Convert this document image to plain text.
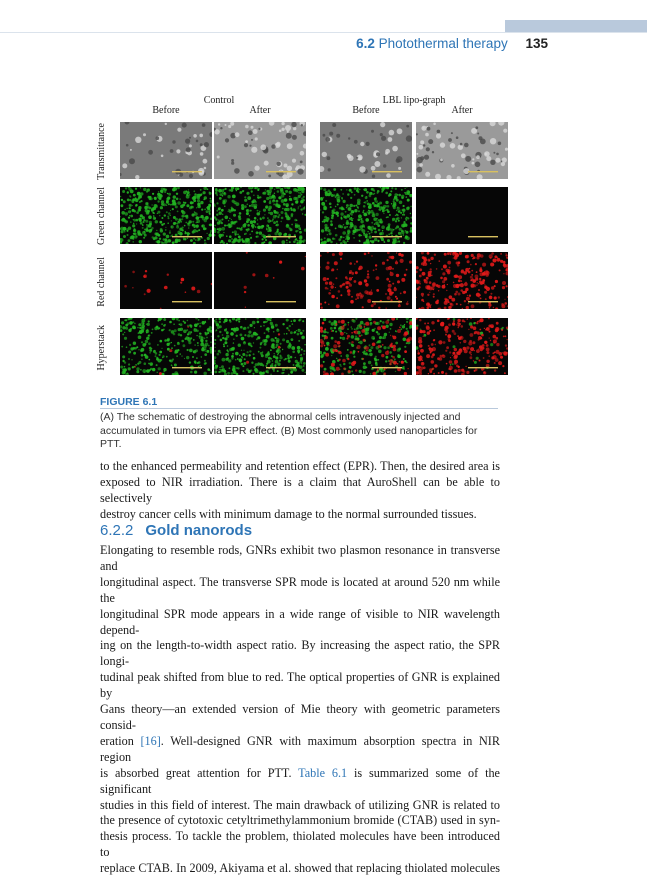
6.2 Photothermal therapy 135
Control	LBL lipo-graph
Before	After	Before	After
Transmittance
Green channel
Red channel
Hyperstack
FIGURE 6.1
(A) The schematic of destroying the abnormal cells intravenously injected and accumulated in tumors via EPR effect. (B) Most commonly used nanoparticles for PTT.
to the enhanced permeability and retention effect (EPR). Then, the desired area is
exposed to NIR irradiation. There is a claim that AuroShell can be able to selectively
destroy cancer cells with minimum damage to the normal surrounded tissues.
6.2.2 Gold nanorods
Elongating to resemble rods, GNRs exhibit two plasmon resonance in transverse and
longitudinal aspect. The transverse SPR mode is located at around 520 nm while the
longitudinal SPR mode appears in a wide range of visible to NIR wavelength depend-
ing on the length-to-width aspect ratio. By increasing the aspect ratio, the SPR longi-
tudinal peak shifted from blue to red. The optical properties of GNR is explained by
Gans theory—an extended version of Mie theory with geometric parameters consid-
eration [16]. Well-designed GNR with maximum absorption spectra in NIR region
is absorbed great attention for PTT. Table 6.1 is summarized some of the significant
studies in this field of interest. The main drawback of utilizing GNR is related to
the presence of cytotoxic cetyltrimethylammonium bromide (CTAB) used in syn-
thesis process. To tackle the problem, thiolated molecules have been introduced to
replace CTAB. In 2009, Akiyama et al. showed that replacing thiolated molecules
